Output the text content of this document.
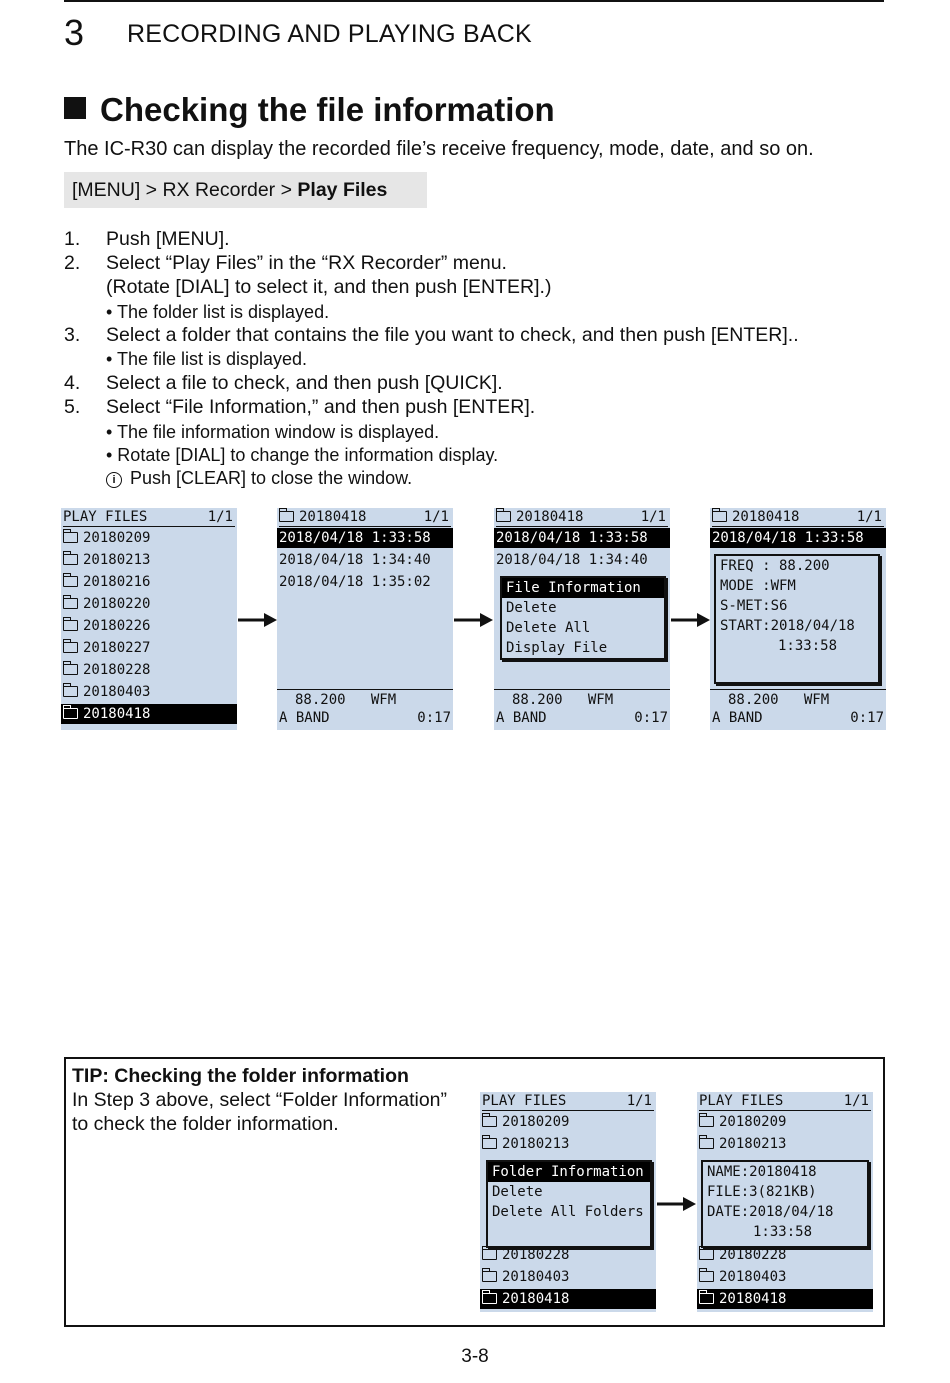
3 RECORDING AND PLAYING BACK
Checking the file information
The IC-R30 can display the recorded file’s receive frequency, mode, date, and so on.
[MENU] > RX Recorder > Play Files
1. Push [MENU].
2. Select “Play Files” in the “RX Recorder” menu.
(Rotate [DIAL] to select it, and then push [ENTER].)
• The folder list is displayed.
3. Select a folder that contains the file you want to check, and then push [ENTER]..
• The file list is displayed.
4. Select a file to check, and then push [QUICK].
5. Select “File Information,” and then push [ENTER].
• The file information window is displayed.
• Rotate [DIAL] to change the information display.
i Push [CLEAR] to close the window.
PLAY FILES	1/1
20180209
20180213
20180216
20180220
20180226
20180227
20180228
20180403
20180418
20180418	1/1
2018/04/18 1:33:58
2018/04/18 1:34:40
2018/04/18 1:35:02
88.200 WFM
A BAND	0:17
20180418	1/1
2018/04/18 1:33:58
2018/04/18 1:34:40
File Information
Delete
Delete All
Display File
88.200 WFM
A BAND	0:17
20180418	1/1
2018/04/18 1:33:58
FREQ : 88.200
MODE :WFM
S-MET:S6
START:2018/04/18
1:33:58
88.200 WFM
A BAND	0:17
TIP: Checking the folder information
In Step 3 above, select “Folder Information”
to check the folder information.
PLAY FILES	1/1
20180209
20180213
Folder Information
Delete
Delete All Folders
20180228
20180403
20180418
PLAY FILES	1/1
20180209
20180213
NAME:20180418
FILE:3(821KB)
DATE:2018/04/18
1:33:58
20180228
20180403
20180418
3-8
